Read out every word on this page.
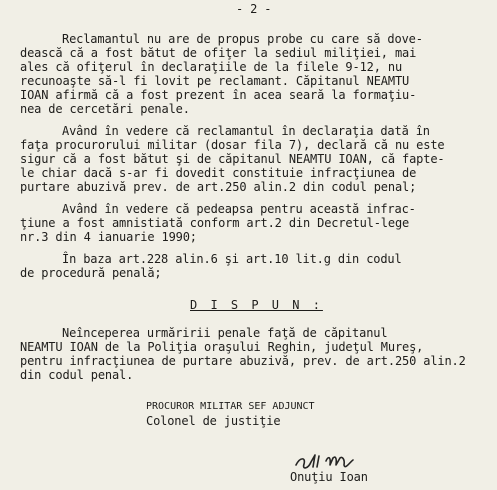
- 2 -
Reclamantul nu are de propus probe cu care să dove-
dească că a fost bătut de ofiţer la sediul miliţiei, mai
ales că ofiţerul în declaraţiile de la filele 9-12, nu
recunoaşte să-l fi lovit pe reclamant. Căpitanul NEAMTU
IOAN afirmă că a fost prezent în acea seară la formaţiu-
nea de cercetări penale.
Având în vedere că reclamantul în declaraţia dată în
faţa procurorului militar (dosar fila 7), declară că nu este
sigur că a fost bătut şi de căpitanul NEAMTU IOAN, că fapte-
le chiar dacă s-ar fi dovedit constituie infracţiunea de
purtare abuzivă prev. de art.250 alin.2 din codul penal;
Având în vedere că pedeapsa pentru această infrac-
ţiune a fost amnistiată conform art.2 din Decretul-lege
nr.3 din 4 ianuarie 1990;
În baza art.228 alin.6 şi art.10 lit.g din codul
de procedură penală;
D I S P U N :
Neînceperea urmăririi penale faţă de căpitanul
NEAMTU IOAN de la Poliţia oraşului Reghin, judeţul Mureş,
pentru infracţiunea de purtare abuzivă, prev. de art.250 alin.2
din codul penal.
PROCUROR MILITAR SEF ADJUNCT
Colonel de justiţie
Onuţiu Ioan
